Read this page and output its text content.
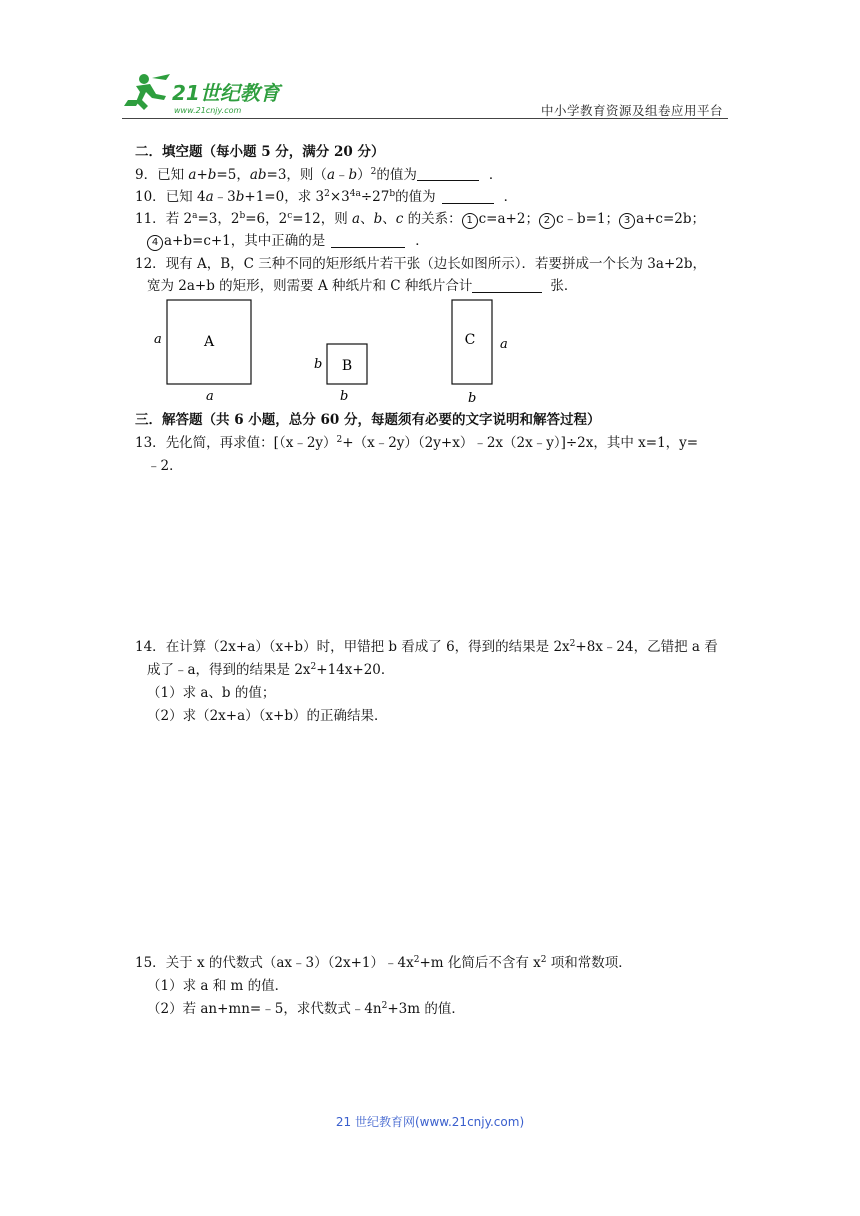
21世纪教育
www.21cnjy.com	中小学教育资源及组卷应用平台
二．填空题（每小题 5 分，满分 20 分）
9．已知 a+b=5，ab=3，则（a﹣b）$^2$的值为	．
10．已知 4a﹣3b+1=0，求 $3^2\times 3^{4a}\div 27^b$的值为	．
11．若 $2^a=3$，$2^b=6$，$2^c=12$，则 a、b、c 的关系： 1 c=a+2； 2 c﹣b=1； 3 a+c=2b；
4 a+b=c+1，其中正确的是	．
12．现有 A，B，C 三种不同的矩形纸片若干张（边长如图所示）．若要拼成一个长为 3a+2b，
宽为 2a+b 的矩形，则需要 A 种纸片和 C 种纸片合计	张．
A
a
a
B
b
b
C a
b
三．解答题（共 6 小题，总分 60 分，每题须有必要的文字说明和解答过程）
13．先化简，再求值：[（x﹣2y）$^2$+（x﹣2y）（2y+x）﹣2x（2x﹣y）]÷2x，其中 x=1，y=
﹣2．
14．在计算（2x+a）（x+b）时，甲错把 b 看成了 6，得到的结果是 $2x^2+8x﹣24$，乙错把 a 看
成了﹣a，得到的结果是 $2x^2+14x+20$．
（1）求 a、b 的值；
（2）求（2x+a）（x+b）的正确结果．
15．关于 x 的代数式$(ax﹣3)(2x+1)﹣4x^2+m$ 化简后不含有 $x^2$ 项和常数项．
（1）求 a 和 m 的值．
（2）若 an+mn=﹣5，求代数式$﹣4n^2+3m$ 的值．
21 世纪教育网(www.21cnjy.com)
